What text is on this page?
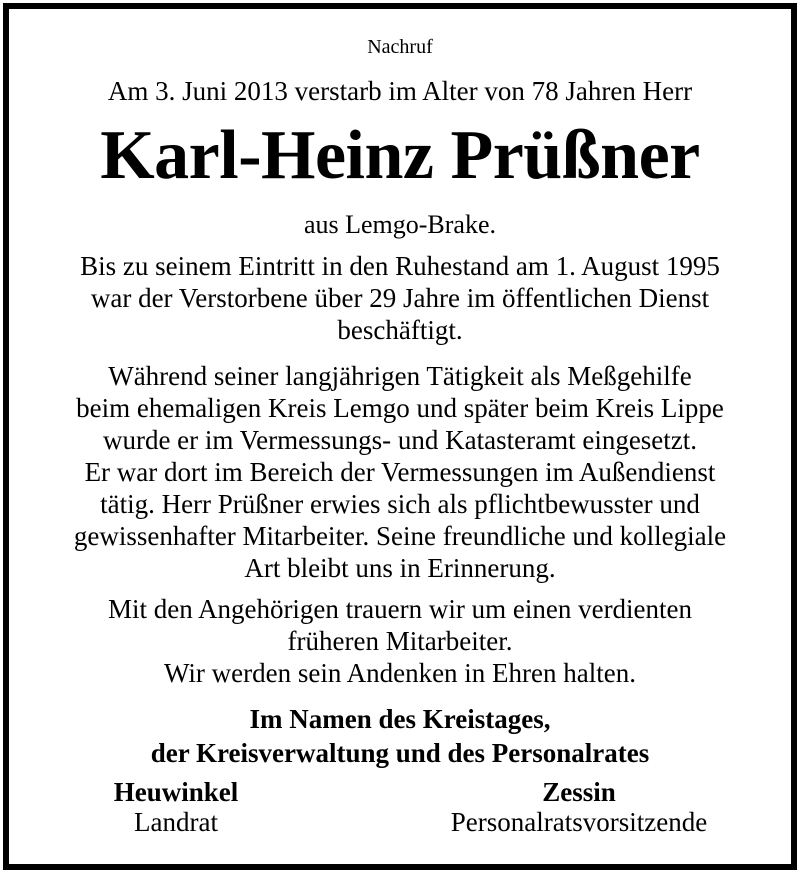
Nachruf
Am 3. Juni 2013 verstarb im Alter von 78 Jahren Herr
Karl-Heinz Prüßner
aus Lemgo-Brake.
Bis zu seinem Eintritt in den Ruhestand am 1. August 1995
war der Verstorbene über 29 Jahre im öffentlichen Dienst
beschäftigt.
Während seiner langjährigen Tätigkeit als Meßgehilfe
beim ehemaligen Kreis Lemgo und später beim Kreis Lippe
wurde er im Vermessungs- und Katasteramt eingesetzt.
Er war dort im Bereich der Vermessungen im Außendienst
tätig. Herr Prüßner erwies sich als pflichtbewusster und
gewissenhafter Mitarbeiter. Seine freundliche und kollegiale
Art bleibt uns in Erinnerung.
Mit den Angehörigen trauern wir um einen verdienten
früheren Mitarbeiter.
Wir werden sein Andenken in Ehren halten.
Im Namen des Kreistages,
der Kreisverwaltung und des Personalrates
Heuwinkel
Landrat
Zessin
Personalratsvorsitzende
